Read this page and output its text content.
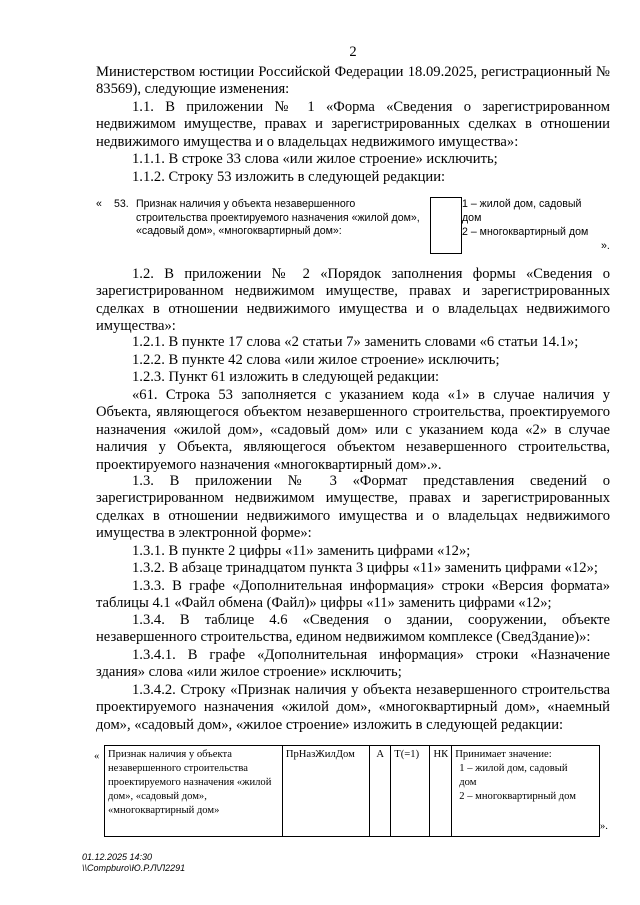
2
Министерством юстиции Российской Федерации 18.09.2025, регистрационный № 83569), следующие изменения:
1.1. В приложении № 1 «Форма «Сведения о зарегистрированном недвижимом имуществе, правах и зарегистрированных сделках в отношении недвижимого имущества и о владельцах недвижимого имущества»:
1.1.1. В строке 33 слова «или жилое строение» исключить;
1.1.2. Строку 53 изложить в следующей редакции:
« 53. Признак наличия у объекта незавершенного строительства проектируемого назначения «жилой дом», «садовый дом», «многоквартирный дом»:
1 – жилой дом, садовый дом
2 – многоквартирный дом
».
1.2. В приложении № 2 «Порядок заполнения формы «Сведения о зарегистрированном недвижимом имуществе, правах и зарегистрированных сделках в отношении недвижимого имущества и о владельцах недвижимого имущества»:
1.2.1. В пункте 17 слова «2 статьи 7» заменить словами «6 статьи 14.1»;
1.2.2. В пункте 42 слова «или жилое строение» исключить;
1.2.3. Пункт 61 изложить в следующей редакции:
«61. Строка 53 заполняется с указанием кода «1» в случае наличия у Объекта, являющегося объектом незавершенного строительства, проектируемого назначения «жилой дом», «садовый дом» или с указанием кода «2» в случае наличия у Объекта, являющегося объектом незавершенного строительства, проектируемого назначения «многоквартирный дом».».
1.3. В приложении № 3 «Формат представления сведений о зарегистрированном недвижимом имуществе, правах и зарегистрированных сделках в отношении недвижимого имущества и о владельцах недвижимого имущества в электронной форме»:
1.3.1. В пункте 2 цифры «11» заменить цифрами «12»;
1.3.2. В абзаце тринадцатом пункта 3 цифры «11» заменить цифрами «12»;
1.3.3. В графе «Дополнительная информация» строки «Версия формата» таблицы 4.1 «Файл обмена (Файл)» цифры «11» заменить цифрами «12»;
1.3.4. В таблице 4.6 «Сведения о здании, сооружении, объекте незавершенного строительства, едином недвижимом комплексе (СведЗдание)»:
1.3.4.1. В графе «Дополнительная информация» строки «Назначение здания» слова «или жилое строение» исключить;
1.3.4.2. Строку «Признак наличия у объекта незавершенного строительства проектируемого назначения «жилой дом», «многоквартирный дом», «наемный дом», «садовый дом», «жилое строение» изложить в следующей редакции:
« Признак наличия у объекта незавершенного строительства проектируемого назначения «жилой дом», «садовый дом», «многоквартирный дом»	ПрНазЖилДом	А	Т(=1)	НК	Принимает значение:
1 – жилой дом, садовый дом
2 – многоквартирный дом
».
01.12.2025 14:30
\\Compburo\Ю.Р.Л\Л2291
